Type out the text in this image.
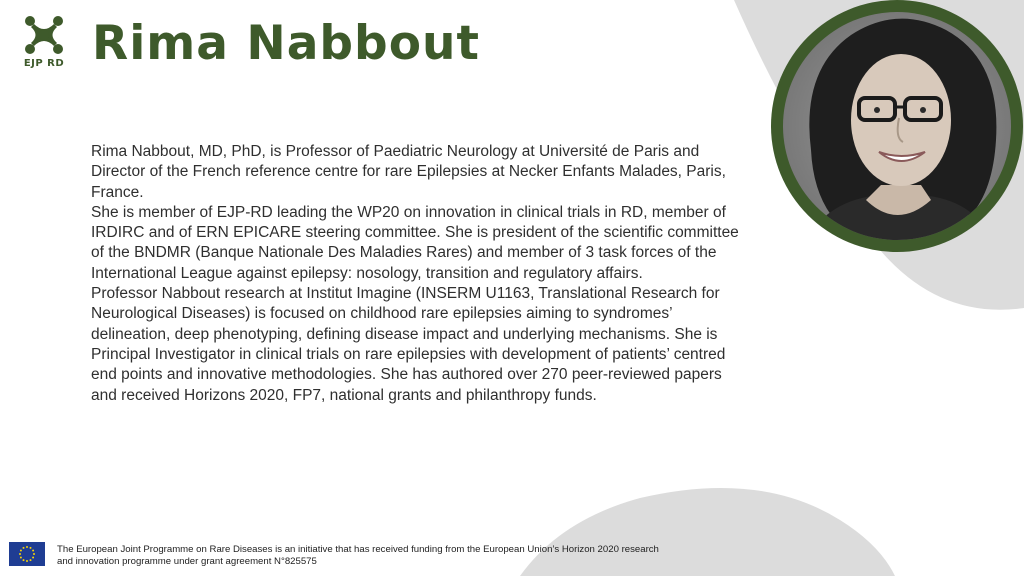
EJP RD Rima Nabbout

Rima Nabbout, MD, PhD, is Professor of Paediatric Neurology at Université de Paris and Director of the French reference centre for rare Epilepsies at Necker Enfants Malades, Paris, France.

She is member of EJP-RD leading the WP20 on innovation in clinical trials in RD, member of IRDIRC and of ERN EPICARE steering committee. She is president of the scientific committee of the BNDMR (Banque Nationale Des Maladies Rares) and member of 3 task forces of the International League against epilepsy: nosology, transition and regulatory affairs.

Professor Nabbout research at Institut Imagine (INSERM U1163, Translational Research for Neurological Diseases) is focused on childhood rare epilepsies aiming to syndromes’ delineation, deep phenotyping, defining disease impact and underlying mechanisms. She is Principal Investigator in clinical trials on rare epilepsies with development of patients’ centred end points and innovative methodologies. She has authored over 270 peer-reviewed papers and received Horizons 2020, FP7, national grants and philanthropy funds.

The European Joint Programme on Rare Diseases is an initiative that has received funding from the European Union’s Horizon 2020 research and innovation programme under grant agreement N°825575
